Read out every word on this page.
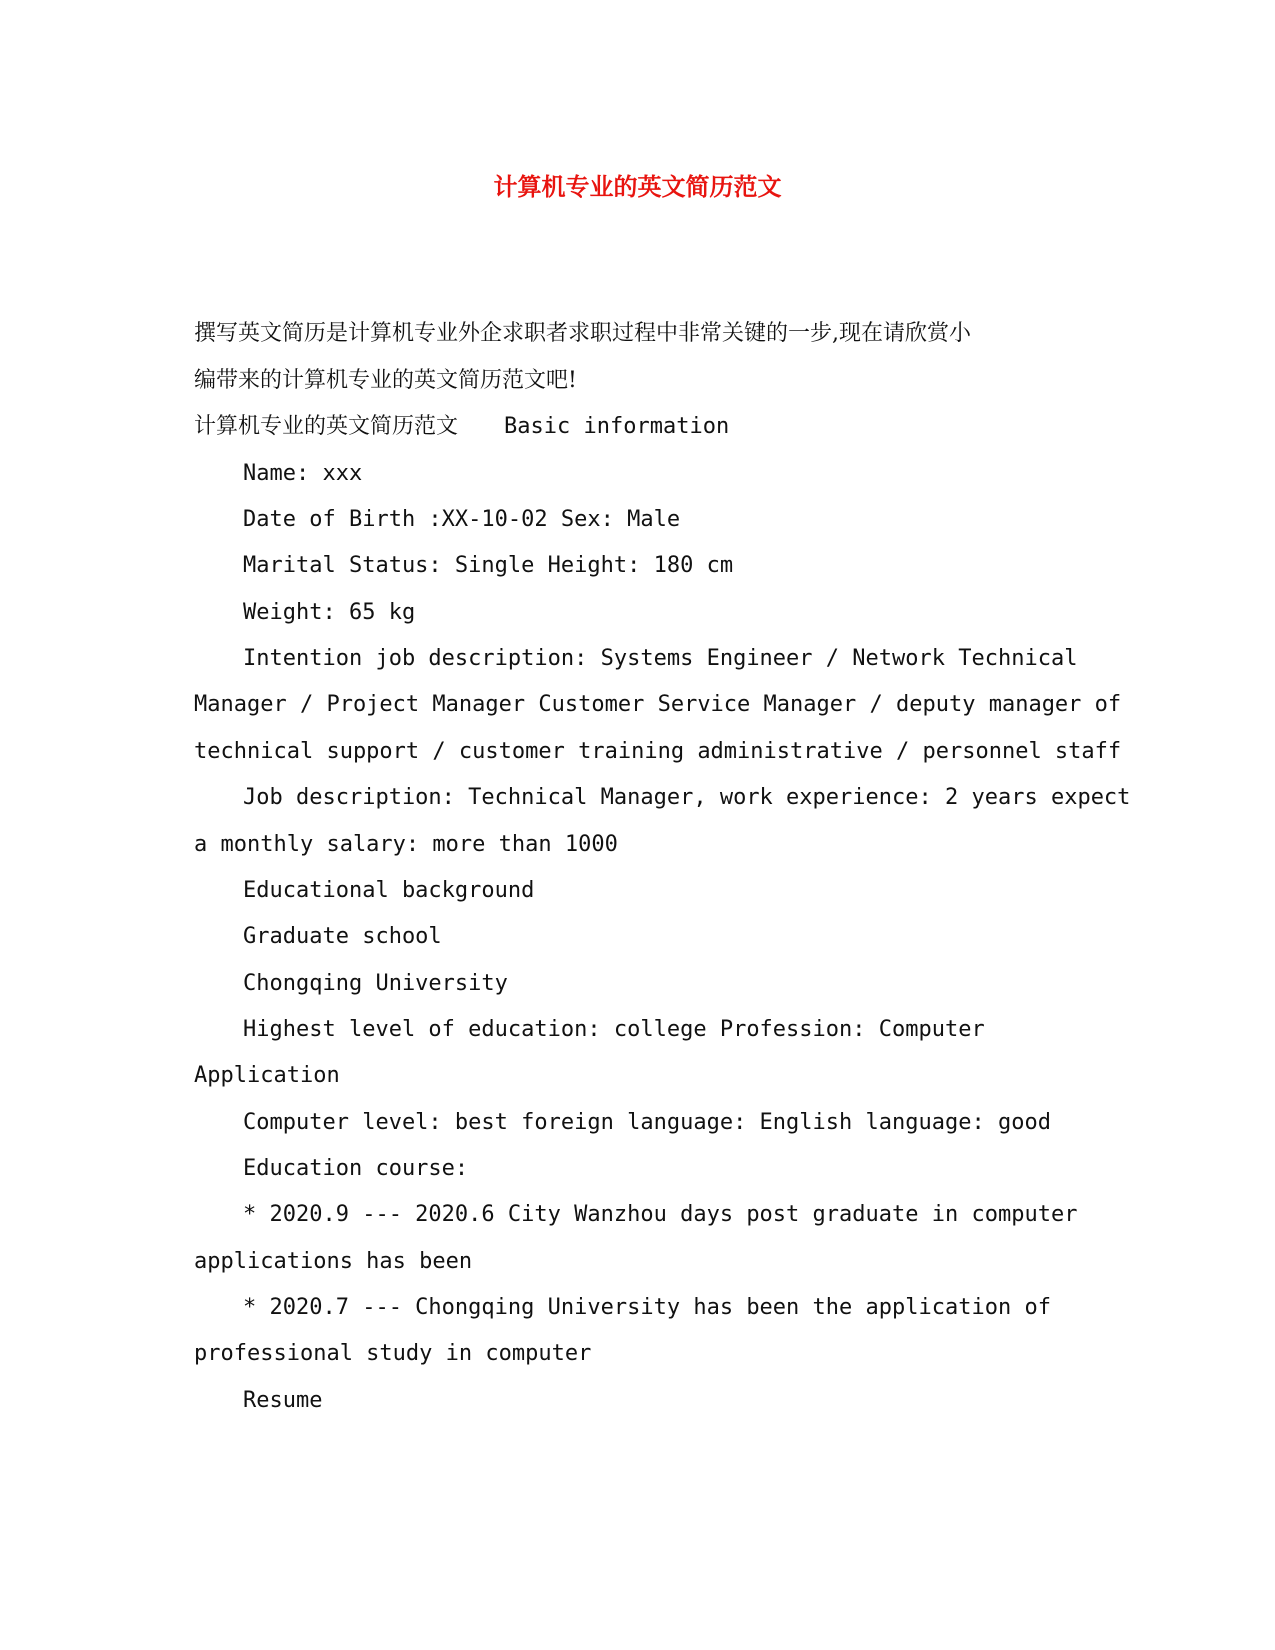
计算机专业的英文简历范文

撰写英文简历是计算机专业外企求职者求职过程中非常关键的一步,现在请欣赏小

编带来的计算机专业的英文简历范文吧!

计算机专业的英文简历范文 Basic information

Name: xxx

Date of Birth :XX-10-02 Sex: Male

Marital Status: Single Height: 180 cm

Weight: 65 kg

Intention job description: Systems Engineer / Network Technical

Manager / Project Manager Customer Service Manager / deputy manager of

technical support / customer training administrative / personnel staff

Job description: Technical Manager, work experience: 2 years expect

a monthly salary: more than 1000

Educational background

Graduate school

Chongqing University

Highest level of education: college Profession: Computer

Application

Computer level: best foreign language: English language: good

Education course:

* 2020.9 --- 2020.6 City Wanzhou days post graduate in computer

applications has been

* 2020.7 --- Chongqing University has been the application of

professional study in computer

Resume
